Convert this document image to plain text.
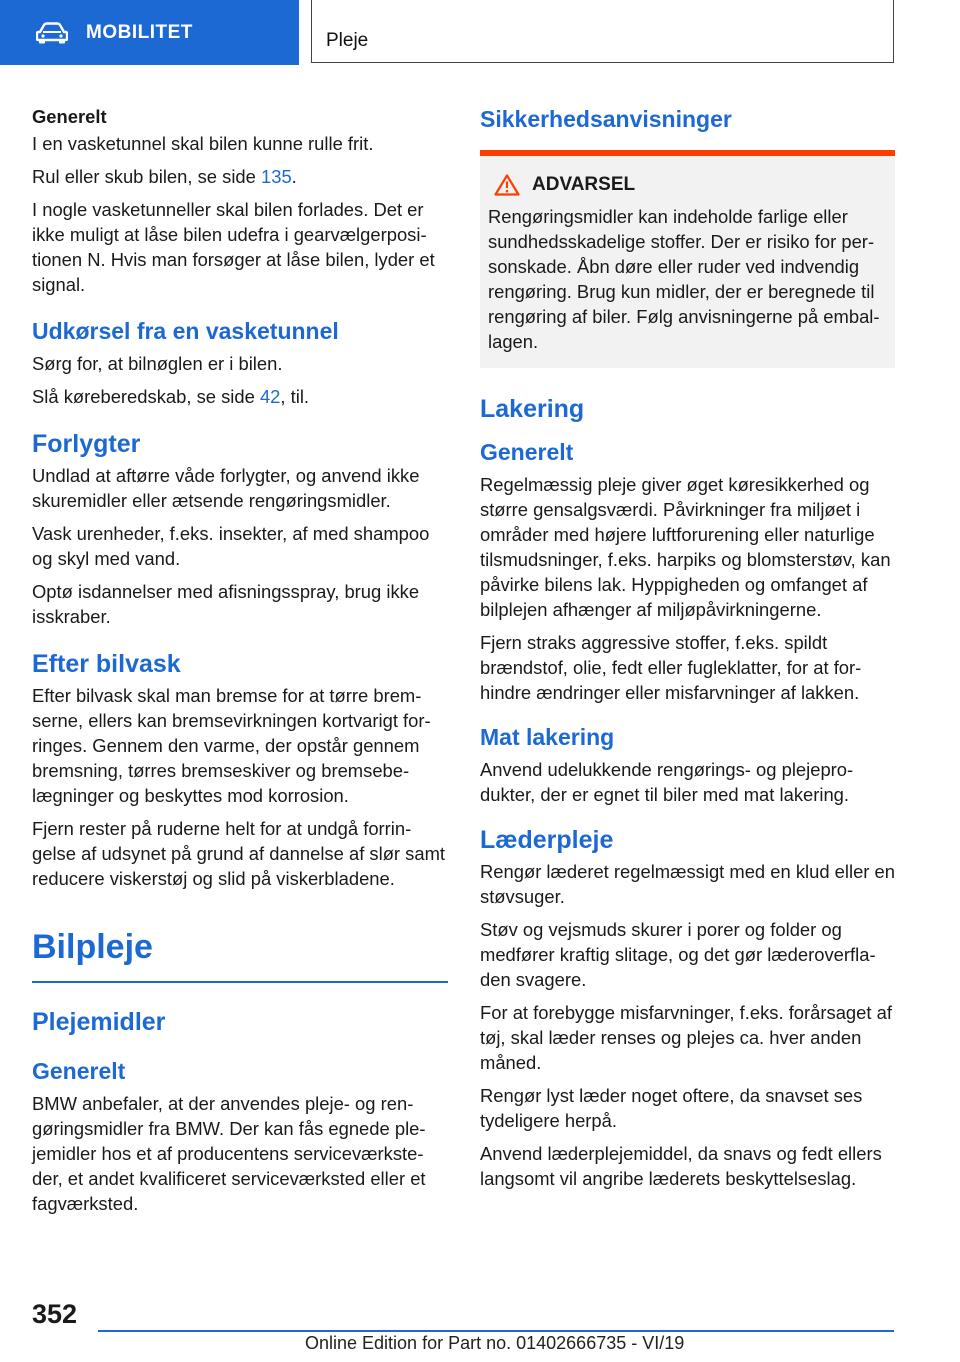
MOBILITET	Pleje
Generelt

I en vasketunnel skal bilen kunne rulle frit.

Rul eller skub bilen, se side 135.

I nogle vasketunneller skal bilen forlades. Det er ikke muligt at låse bilen udefra i gearvælgerpositionen N. Hvis man forsøger at låse bilen, lyder et signal.

Udkørsel fra en vasketunnel

Sørg for, at bilnøglen er i bilen.

Slå køreberedskab, se side 42, til.

Forlygter

Undlad at aftørre våde forlygter, og anvend ikke skuremidler eller ætsende rengøringsmidler.

Vask urenheder, f.eks. insekter, af med shampoo og skyl med vand.

Optø isdannelser med afisningsspray, brug ikke isskraber.

Efter bilvask

Efter bilvask skal man bremse for at tørre bremserne, ellers kan bremsevirkningen kortvarigt forringes. Gennem den varme, der opstår gennem bremsning, tørres bremseskiver og bremsebelægninger og beskyttes mod korrosion.

Fjern rester på ruderne helt for at undgå forringelse af udsynet på grund af dannelse af slør samt reducere viskerstøj og slid på viskerbladene.

Bilpleje
Plejemidler
Generelt

BMW anbefaler, at der anvendes pleje- og rengøringsmidler fra BMW. Der kan fås egnede plejemidler hos et af producentens serviceværksteder, et andet kvalificeret serviceværksted eller et fagværksted.

Sikkerhedsanvisninger
ADVARSEL

Rengøringsmidler kan indeholde farlige eller sundhedsskadelige stoffer. Der er risiko for personskade. Åbn døre eller ruder ved indvendig rengøring. Brug kun midler, der er beregnede til rengøring af biler. Følg anvisningerne på emballagen.

Lakering
Generelt

Regelmæssig pleje giver øget køresikkerhed og større gensalgsværdi. Påvirkninger fra miljøet i områder med højere luftforurening eller naturlige tilsmudsninger, f.eks. harpiks og blomsterstøv, kan påvirke bilens lak. Hyppigheden og omfanget af bilplejen afhænger af miljøpåvirkningerne.

Fjern straks aggressive stoffer, f.eks. spildt brændstof, olie, fedt eller fugleklatter, for at forhindre ændringer eller misfarvninger af lakken.

Mat lakering

Anvend udelukkende rengørings- og plejeprodukter, der er egnet til biler med mat lakering.

Læderpleje

Rengør læderet regelmæssigt med en klud eller en støvsuger.

Støv og vejsmuds skurer i porer og folder og medfører kraftig slitage, og det gør læderoverfladen svagere.

For at forebygge misfarvninger, f.eks. forårsaget af tøj, skal læder renses og plejes ca. hver anden måned.

Rengør lyst læder noget oftere, da snavset ses tydeligere herpå.

Anvend læderplejemiddel, da snavs og fedt ellers langsomt vil angribe læderets beskyttelseslag.

352
Online Edition for Part no. 01402666735 - VI/19
